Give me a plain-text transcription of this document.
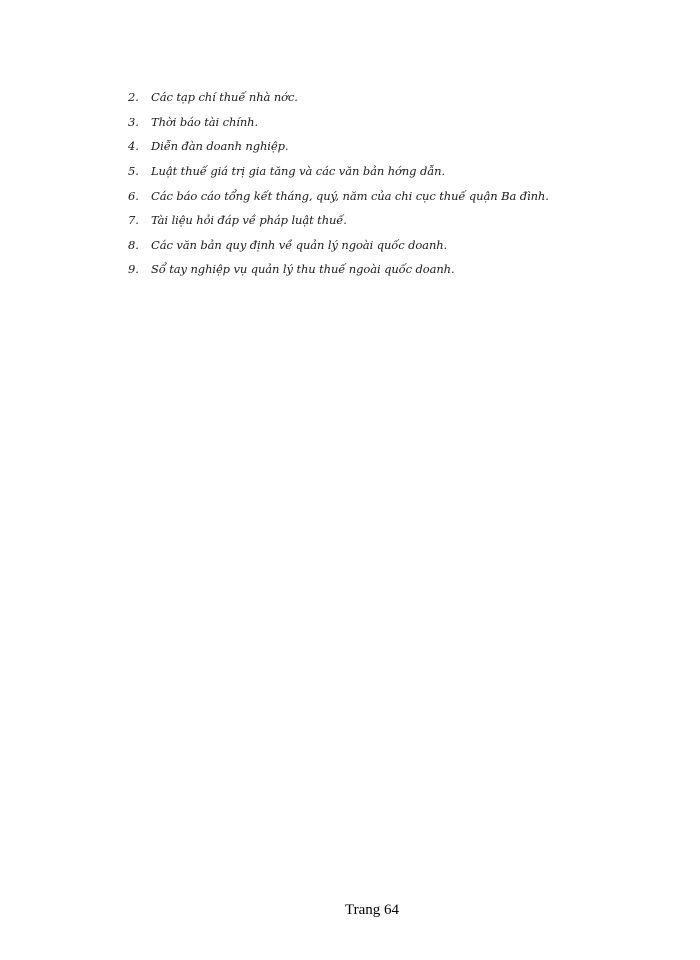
2.	Các tạp chí thuế nhà nớc.
3.	Thời báo tài chính.
4.	Diễn đàn doanh nghiệp.
5.	Luật thuế giá trị gia tăng và các văn bản hớng dẫn.
6.	Các báo cáo tổng kết tháng, quý, năm của chi cục thuế quận Ba đình.
7.	Tài liệu hỏi đáp về pháp luật thuế.
8.	Các văn bản quy định về quản lý ngoài quốc doanh.
9.	Sổ tay nghiệp vụ quản lý thu thuế ngoài quốc doanh.
Trang 64
